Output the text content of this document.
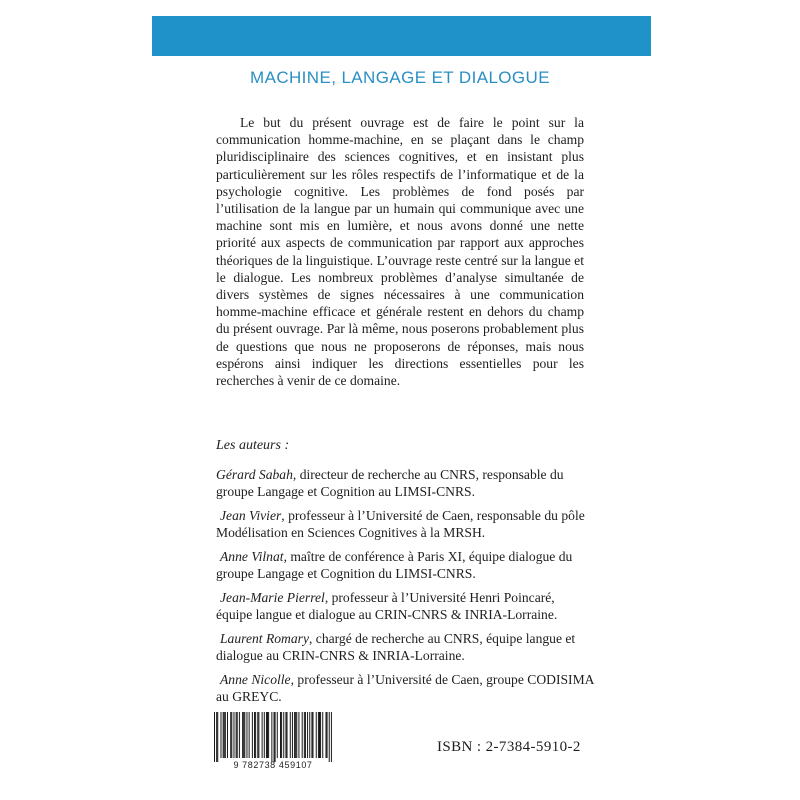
MACHINE, LANGAGE ET DIALOGUE

Le but du présent ouvrage est de faire le point sur la communication homme-machine, en se plaçant dans le champ pluridisciplinaire des sciences cognitives, et en insistant plus particulièrement sur les rôles respectifs de l’informatique et de la psychologie cognitive. Les problèmes de fond posés par l’utilisation de la langue par un humain qui communique avec une machine sont mis en lumière, et nous avons donné une nette priorité aux aspects de communication par rapport aux approches théoriques de la linguistique. L’ouvrage reste centré sur la langue et le dialogue. Les nombreux problèmes d’analyse simultanée de divers systèmes de signes nécessaires à une communication homme-machine efficace et générale restent en dehors du champ du présent ouvrage. Par là même, nous poserons probablement plus de questions que nous ne proposerons de réponses, mais nous espérons ainsi indiquer les directions essentielles pour les recherches à venir de ce domaine.

Les auteurs :

Gérard Sabah, directeur de recherche au CNRS, responsable du groupe Langage et Cognition au LIMSI-CNRS.

Jean Vivier, professeur à l’Université de Caen, responsable du pôle Modélisation en Sciences Cognitives à la MRSH.

Anne Vilnat, maître de conférence à Paris XI, équipe dialogue du groupe Langage et Cognition du LIMSI-CNRS.

Jean-Marie Pierrel, professeur à l’Université Henri Poincaré, équipe langue et dialogue au CRIN-CNRS & INRIA-Lorraine.

Laurent Romary, chargé de recherche au CNRS, équipe langue et dialogue au CRIN-CNRS & INRIA-Lorraine.

Anne Nicolle, professeur à l’Université de Caen, groupe CODISIMA au GREYC.

9 782738 459107
ISBN : 2-7384-5910-2
